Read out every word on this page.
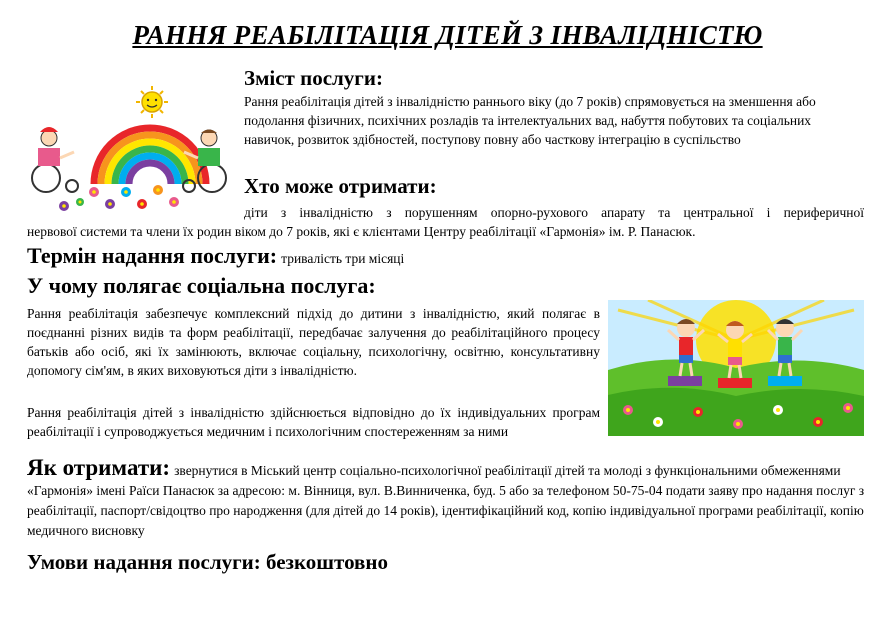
РАННЯ РЕАБІЛІТАЦІЯ ДІТЕЙ З ІНВАЛІДНІСТЮ
Зміст послуги:
Рання реабілітація дітей з інвалідністю раннього віку (до 7 років) спрямовується на зменшення або подолання фізичних, психічних розладів та інтелектуальних вад, набуття побутових та соціальних навичок, розвиток здібностей, поступову повну або часткову інтеграцію в суспільство
Хто може отримати:
діти з інвалідністю з порушенням опорно-рухового апарату та центральної і периферичної
нервової системи та члени їх родин віком до 7 років, які є клієнтами Центру реабілітації «Гармонія» ім. Р. Панасюк.
Термін надання послуги: тривалість три місяці
У чому полягає соціальна послуга:
Рання реабілітація забезпечує комплексний підхід до дитини з інвалідністю, який полягає в поєднанні різних видів та форм реабілітації, передбачає залучення до реабілітаційного процесу батьків або осіб, які їх замінюють, включає соціальну, психологічну, освітню, консультативну допомогу сім'ям, в яких виховуються діти з інвалідністю.
Рання реабілітація дітей з інвалідністю здійснюється відповідно до їх індивідуальних програм реабілітації і супроводжується медичним і психологічним спостереженням за ними
Як отримати: звернутися в Міський центр соціально-психологічної реабілітації дітей та молоді з функціональними обмеженнями «Гармонія» імені Раїси Панасюк за адресою: м. Вінниця, вул. В.Винниченка, буд. 5 або за телефоном 50-75-04 подати заяву про надання послуг з реабілітації, паспорт/свідоцтво про народження (для дітей до 14 років), ідентифікаційний код, копію індивідуальної програми реабілітації, копію медичного висновку
Умови надання послуги: безкоштовно
